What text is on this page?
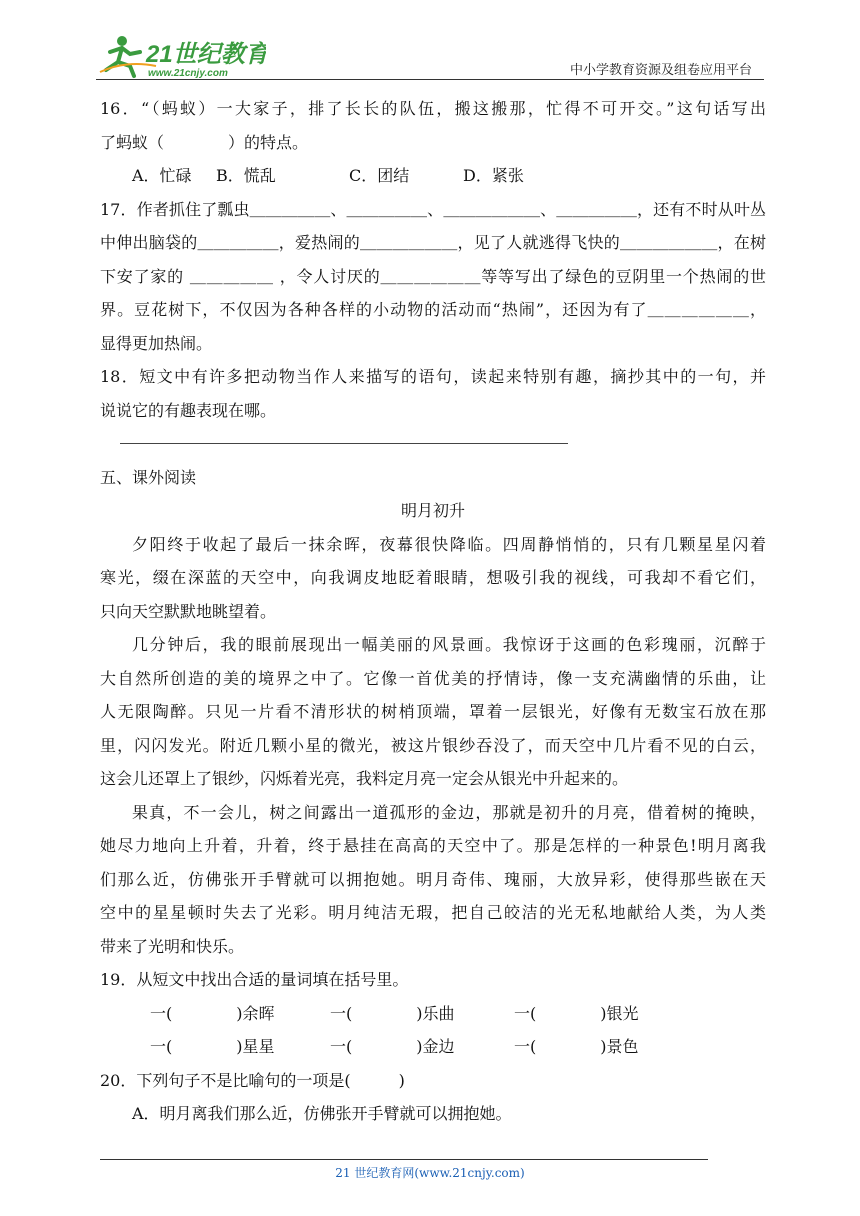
21世纪教育
www.21cnjy.com	中小学教育资源及组卷应用平台
16．“（蚂蚁）一大家子，排了长长的队伍，搬这搬那，忙得不可开交。”这句话写出
了蚂蚁（　　　　）的特点。
A．忙碌 B．慌乱	C．团结	D．紧张
17．作者抓住了瓢虫＿＿＿＿＿、＿＿＿＿＿、＿＿＿＿＿＿、＿＿＿＿＿，还有不时从叶丛
中伸出脑袋的＿＿＿＿＿，爱热闹的＿＿＿＿＿＿，见了人就逃得飞快的＿＿＿＿＿＿，在树
下安了家的 ＿＿＿＿＿ ，令人讨厌的＿＿＿＿＿＿等等写出了绿色的豆阴里一个热闹的世
界。豆花树下，不仅因为各种各样的小动物的活动而“热闹”，还因为有了＿＿＿＿＿＿，
显得更加热闹。
18．短文中有许多把动物当作人来描写的语句，读起来特别有趣，摘抄其中的一句，并
说说它的有趣表现在哪。
五、课外阅读
明月初升
夕阳终于收起了最后一抹余晖，夜幕很快降临。四周静悄悄的，只有几颗星星闪着
寒光，缀在深蓝的天空中，向我调皮地眨着眼睛，想吸引我的视线，可我却不看它们，
只向天空默默地眺望着。
几分钟后，我的眼前展现出一幅美丽的风景画。我惊讶于这画的色彩瑰丽，沉醉于
大自然所创造的美的境界之中了。它像一首优美的抒情诗，像一支充满幽情的乐曲，让
人无限陶醉。只见一片看不清形状的树梢顶端，罩着一层银光，好像有无数宝石放在那
里，闪闪发光。附近几颗小星的微光，被这片银纱吞没了，而天空中几片看不见的白云，
这会儿还罩上了银纱，闪烁着光亮，我料定月亮一定会从银光中升起来的。
果真，不一会儿，树之间露出一道孤形的金边，那就是初升的月亮，借着树的掩映，
她尽力地向上升着，升着，终于悬挂在高高的天空中了。那是怎样的一种景色!明月离我
们那么近，仿佛张开手臂就可以拥抱她。明月奇伟、瑰丽，大放异彩，使得那些嵌在天
空中的星星顿时失去了光彩。明月纯洁无瑕，把自己皎洁的光无私地献给人类，为人类
带来了光明和快乐。
19．从短文中找出合适的量词填在括号里。
一(　　　　)余晖	一(　　　　)乐曲	一(　　　　)银光
一(　　　　)星星	一(　　　　)金边	一(　　　　)景色
20．下列句子不是比喻句的一项是(　　　)
A．明月离我们那么近，仿佛张开手臂就可以拥抱她。
21 世纪教育网(www.21cnjy.com)
